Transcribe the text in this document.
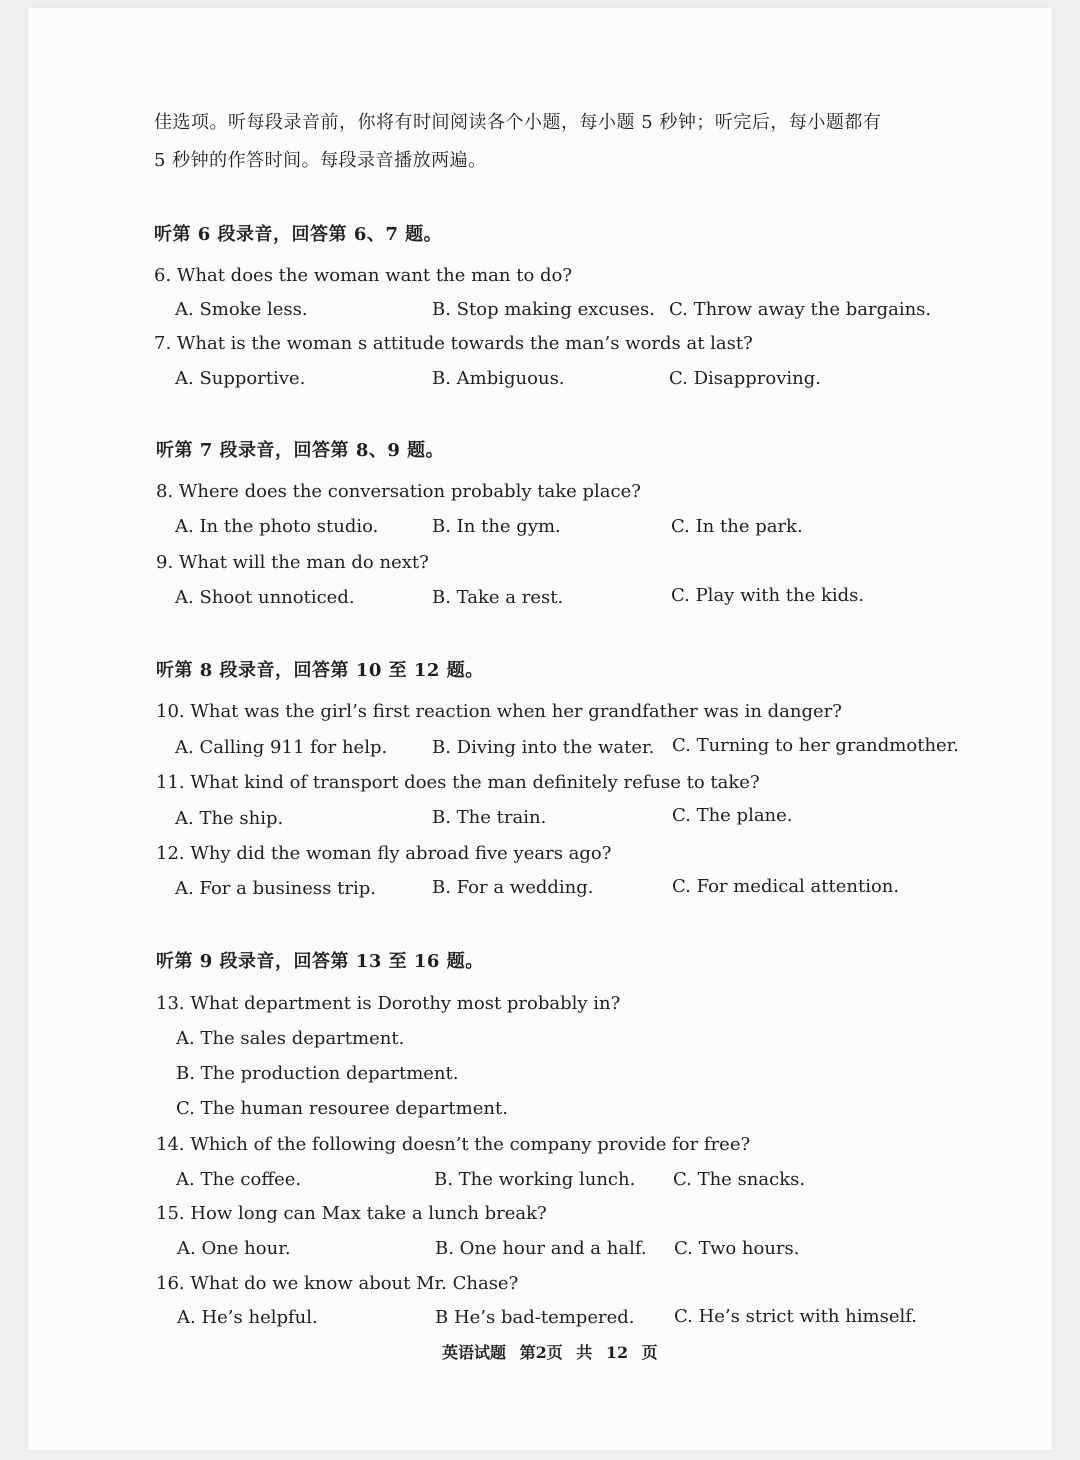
佳选项。听每段录音前，你将有时间阅读各个小题，每小题 5 秒钟；听完后，每小题都有
5 秒钟的作答时间。每段录音播放两遍。
听第 6 段录音，回答第 6、7 题。
6. What does the woman want the man to do?
A. Smoke less.	B. Stop making excuses. C. Throw away the bargains.
7. What is the woman s attitude towards the man’s words at last?
A. Supportive.	B. Ambiguous.	C. Disapproving.
听第 7 段录音，回答第 8、9 题。
8. Where does the conversation probably take place?
A. In the photo studio.	B. In the gym.	C. In the park.
9. What will the man do next?
A. Shoot unnoticed.	B. Take a rest.	C. Play with the kids.
听第 8 段录音，回答第 10 至 12 题。
10. What was the girl’s first reaction when her grandfather was in danger?
A. Calling 911 for help. B. Diving into the water. C. Turning to her grandmother.
11. What kind of transport does the man definitely refuse to take?
A. The ship.	B. The train.	C. The plane.
12. Why did the woman fly abroad five years ago?
A. For a business trip.	B. For a wedding.	C. For medical attention.
听第 9 段录音，回答第 13 至 16 题。
13. What department is Dorothy most probably in?
A. The sales department.
B. The production department.
C. The human resouree department.
14. Which of the following doesn’t the company provide for free?
A. The coffee.	B. The working lunch. C. The snacks.
15. How long can Max take a lunch break?
A. One hour.	B. One hour and a half. C. Two hours.
16. What do we know about Mr. Chase?
A. He’s helpful.	B He’s bad-tempered. C. He’s strict with himself.
英语试题 第2页 共 12 页
